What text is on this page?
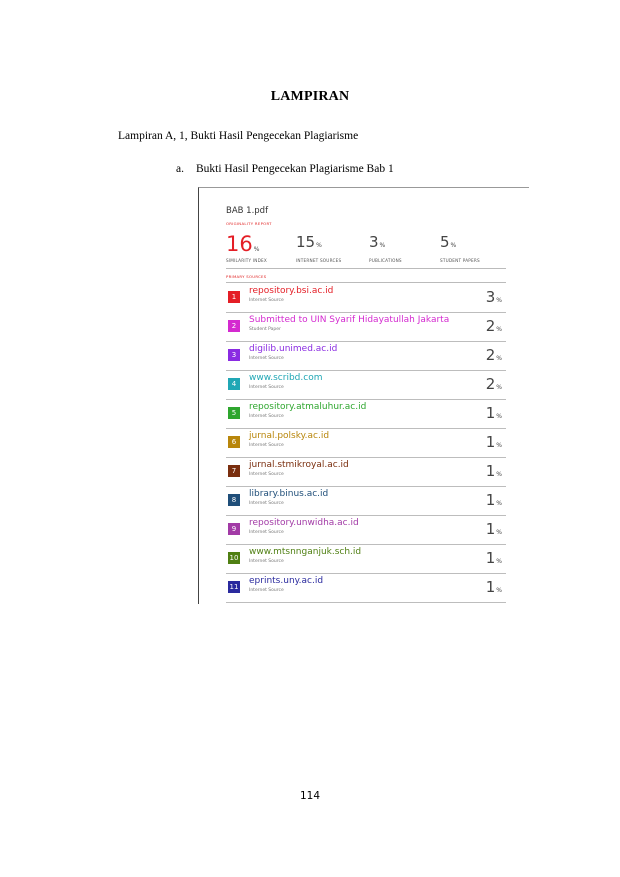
LAMPIRAN
Lampiran A, 1, Bukti Hasil Pengecekan Plagiarisme
a. Bukti Hasil Pengecekan Plagiarisme Bab 1
BAB 1.pdf
ORIGINALITY REPORT
16%
SIMILARITY INDEX
15%
INTERNET SOURCES
3%
PUBLICATIONS
5%
STUDENT PAPERS
PRIMARY SOURCES
1
repository.bsi.ac.id
Internet Source	3%
2
Submitted to UIN Syarif Hidayatullah Jakarta
Student Paper	2%
3
digilib.unimed.ac.id
Internet Source	2%
4
www.scribd.com
Internet Source	2%
5
repository.atmaluhur.ac.id
Internet Source	1%
6
jurnal.polsky.ac.id
Internet Source	1%
7
jurnal.stmikroyal.ac.id
Internet Source	1%
8
library.binus.ac.id
Internet Source	1%
9
repository.unwidha.ac.id
Internet Source	1%
10
www.mtsnnganjuk.sch.id
Internet Source	1%
11
eprints.uny.ac.id
Internet Source	1%
114
